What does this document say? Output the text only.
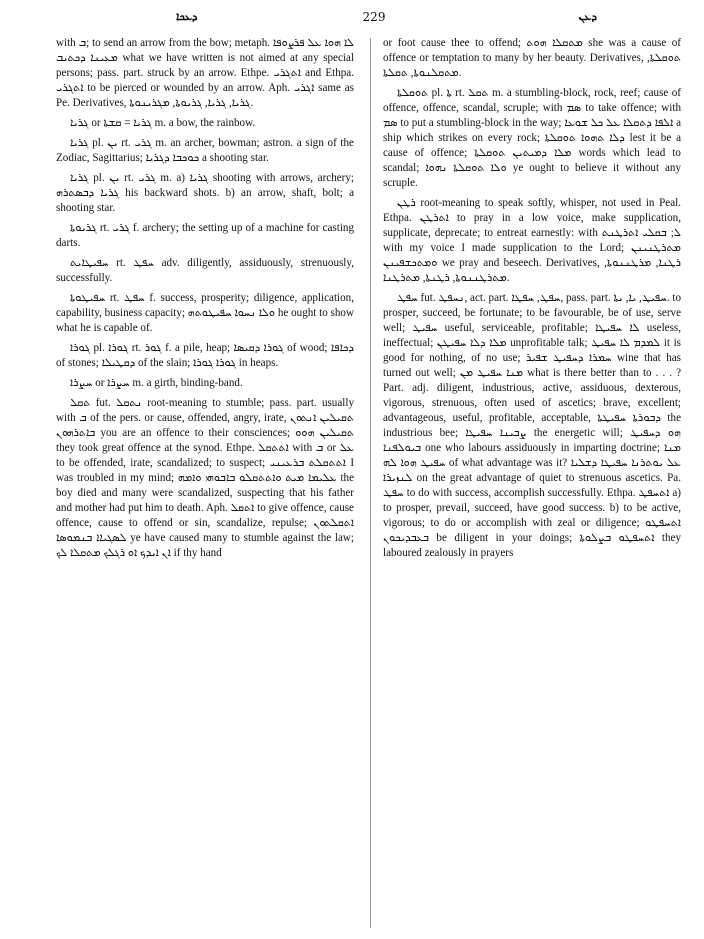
ܕܥܟܐ	229	ܕܥܢ

with ܒ; to send an arrow from the bow; metaph. ܠܐ ܗܘܐ ܥܠ ܦܪܨܘܦܐ ܡܥܝܢܐ ܕܟܬܝܒ what we have written is not aimed at any special persons; pass. part. struck by an arrow. Ethpe. ܐܬܓܪܝ and Ethpa. ܐܬܓܪܝ to be pierced or wounded by an arrow. Aph. ܐܓܪܝ same as Pe. Derivatives, ܓܪܝܐ, ܓܪܝܐ, ܓܪܝܘܬܐ, ܡܓܪܝܢܘܬܐ.

ܓܪܝܐ or ܓܪܝܐ = ܩܫܬܐ m. a bow, the rainbow.

ܓܪܝܐ pl. ܝܢ rt. ܓܪܝ m. an archer, bowman; astron. a sign of the Zodiac, Sagittarius; ܟܘܟܒܐ ܕܓܪܝܐ a shooting star.

ܓܪܝܐ pl. ܝܢ rt. ܓܪܝ m. a) ܓܪܝܐ shooting with arrows, archery; ܓܪܝܐ ܕܒܣܬܪܗ his backward shots. b) an arrow, shaft, bolt; a shooting star.

ܓܪܝܘܬܐ rt. ܓܪܝ f. archery; the setting up of a machine for casting darts.

ܚܦܝܛܐܝܬ rt. ܚܦܛ adv. diligently, assiduously, strenuously, successfully.

ܚܦܝܛܘܬܐ rt. ܚܦܛ f. success, prosperity; diligence, application, capability, business capacity; ܘܠܐ ܢܚܘܐ ܚܦܝܛܘܬܗ he ought to show what he is capable of.

ܓܘܪܐ pl. ܓܘܪܐ rt. ܓܘܪ f. a pile, heap; ܓܘܪܐ ܕܩܝܣܐ of wood; ܕܟܐܦܐ of stones; ܕܩܛܝܠܐ of the slain; ܓܘܪܐ ܓܘܪܐ in heaps.

ܚܨܪܐ or ܚܨܪܐ m. a girth, binding-band.

ܬܩܠ fut. ܢܬܩܠ root-meaning to stumble; pass. part. usually with ܒ of the pers. or cause, offended, angry, irate, ܬܩܝܠܝܢ ܐܢܬܘܢ ܒܐܬܪܗܘܢ you are an offence to their consciences; ܬܩܝܠܝܢ ܗܘܘ they took great offence at the synod. Ethpe. ܐܬܬܩܠ with ܒ or ܥܠ to be offended, irate, scandalized; to suspect; ܐܬܬܩܠܬ ܒܪܥܝܢܝ I was troubled in my mind; ܥܠܝܡܐ ܡܝܬ ܘܐܬܬܩܠܘ ܒܐܒܘܗܝ ܘܐܡܗ the boy died and many were scandalized, suspecting that his father and mother had put him to death. Aph. ܐܬܩܠ to give offence, cause offence, cause to offend or sin, scandalize, repulse; ܐܬܩܠܬܘܢ ܠܣܓܝܐܐ ܒܢܡܘܣܐ ye have caused many to stumble against the law; ܐܢ ܐܝܕܟ ܐܘ ܪܓܠܟ ܡܬܩܠܐ ܠܟ if thy hand

or foot cause thee to offend; ܡܬܩܠܐ ܗܘܬ she was a cause of offence or temptation to many by her beauty. Derivatives, ܬܘܩܠܬܐ, ܡܬܩܠܢܘܬܐ, ܬܩܠܬܐ.

ܬܘܩܠܬܐ pl. ܬܐ rt. ܬܩܠ m. a stumbling-block, rock, reef; cause of offence, offence, scandal, scruple; with ܣܡ to take offence; with ܣܡ to put a stumbling-block in the way; ܐܠܦܐ ܕܬܩܠܐ ܥܠ ܟܠ ܫܘܥܐ a ship which strikes on every rock; ܕܠܐ ܬܗܘܐ ܬܘܩܠܬܐ lest it be a cause of offence; ܡܠܐ ܕܡܝܬܝܢ ܬܘܩܠܬܐ words which lead to scandal; ܘܠܐ ܬܘܩܠܬܐ ܢܗܘܐ ye ought to believe it without any scruple.

ܪܛܢ root-meaning to speak softly, whisper, not used in Peal. Ethpa. ܐܬܪܛܢ to pray in a low voice, make supplication, supplicate, deprecate; to entreat earnestly: with ܠ; ܒܩܠܝ ܐܬܪܛܢܬ with my voice I made supplication to the Lord; ܡܬܪܛܢܝܢܢ ܘܡܬܟܫܦܝܢܢ we pray and beseech. Derivatives, ܪܛܢܐ, ܡܪܛܢܢܘܬܐ, ܡܬܪܛܢܢܘܬܐ, ܪܛܢܬܐ, ܡܬܪܛܢܐ.

ܚܦܛ fut. ܢܚܦܛ, act. part. ܚܦܛ, ܚܦܛܐ, pass. part. ܚܦܝܛ, ܝܐ, ܝܬܐ. to prosper, succeed, be fortunate; to be favourable, be of use, serve well; ܚܦܝܛ useful, serviceable, profitable; ܠܐ ܚܦܝܛܐ useless, ineffectual; ܡܠܐ ܕܠܐ ܚܦܝܛܢ unprofitable talk; ܠܡܕܡ ܠܐ ܚܦܝܛ it is good for nothing, of no use; ܚܡܪܐ ܕܚܦܝܛ ܫܦܝܪ wine that has turned out well; ܡܢܐ ܚܦܝܛ ܡܢ what is there better than to . . . ? Part. adj. diligent, industrious, active, assiduous, dexterous, vigorous, strenuous, often used of ascetics; brave, excellent; advantageous, useful, profitable, acceptable, ܕܒܘܪܬܐ ܚܦܝܛܬܐ the industrious bee; ܨܒܝܢܐ ܚܦܝܛܐ the energetic will; ܗܘ ܕܚܦܝܛ ܒܝܘܠܦܢܐ one who labours assiduously in imparting doctrine; ܡܢܐ ܚܦܝܛ ܗܘܐ ܠܗ of what advantage was it? ܥܠ ܝܘܬܪܢܐ ܚܦܝܛܐ ܕܫܠܝܐ ܠܢܙܝܪܐ on the great advantage of quiet to strenuous ascetics. Pa. ܚܦܛ to do with success, accomplish successfully. Ethpa. ܐܬܚܦܛ a) to prosper, prevail, succeed, have good success. b) to be active, vigorous; to do or accomplish with zeal or diligence; ܐܬܚܦܛܘ ܒܥܒܕܝܟܘܢ be diligent in your doings; ܐܬܚܦܛܘ ܒܨܠܘܬܐ they laboured zealously in prayers
